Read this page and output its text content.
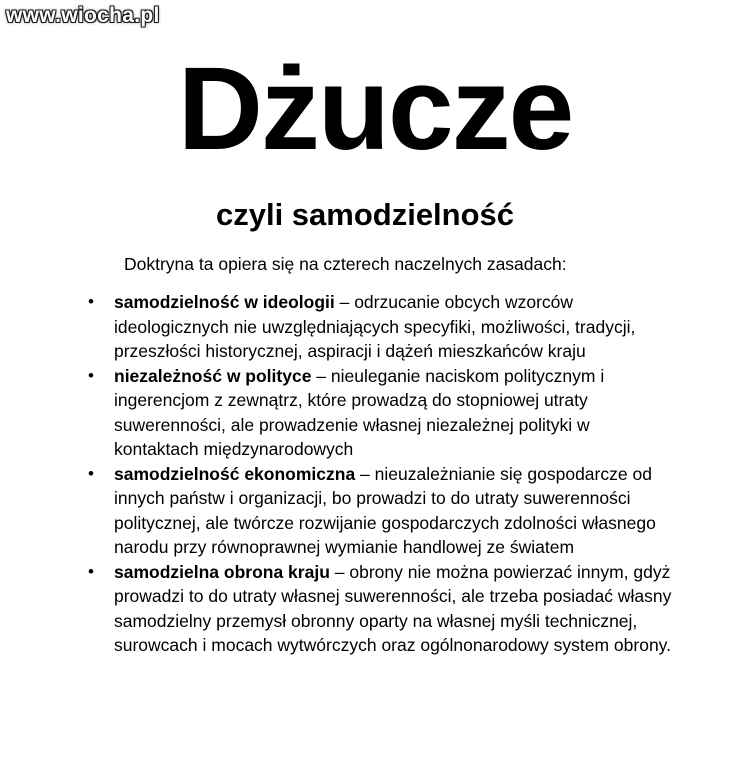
www.wiocha.pl
Dżucze
czyli samodzielność
Doktryna ta opiera się na czterech naczelnych zasadach:
• samodzielność w ideologii – odrzucanie obcych wzorców ideologicznych nie uwzględniających specyfiki, możliwości, tradycji, przeszłości historycznej, aspiracji i dążeń mieszkańców kraju
• niezależność w polityce – nieuleganie naciskom politycznym i ingerencjom z zewnątrz, które prowadzą do stopniowej utraty suwerenności, ale prowadzenie własnej niezależnej polityki w kontaktach międzynarodowych
• samodzielność ekonomiczna – nieuzależnianie się gospodarcze od innych państw i organizacji, bo prowadzi to do utraty suwerenności politycznej, ale twórcze rozwijanie gospodarczych zdolności własnego narodu przy równoprawnej wymianie handlowej ze światem
• samodzielna obrona kraju – obrony nie można powierzać innym, gdyż prowadzi to do utraty własnej suwerenności, ale trzeba posiadać własny samodzielny przemysł obronny oparty na własnej myśli technicznej, surowcach i mocach wytwórczych oraz ogólnonarodowy system obrony.
